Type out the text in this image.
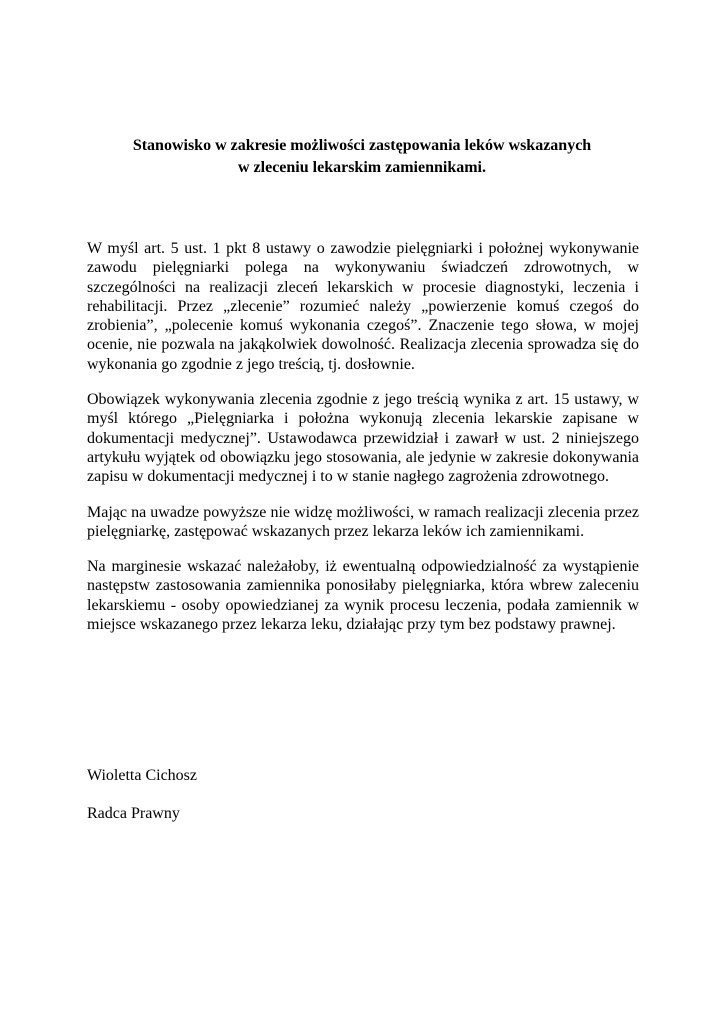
Stanowisko w zakresie możliwości zastępowania leków wskazanych
w zleceniu lekarskim zamiennikami.

W myśl art. 5 ust. 1 pkt 8 ustawy o zawodzie pielęgniarki i położnej wykonywanie zawodu pielęgniarki polega na wykonywaniu świadczeń zdrowotnych, w szczególności na realizacji zleceń lekarskich w procesie diagnostyki, leczenia i rehabilitacji. Przez „zlecenie” rozumieć należy „powierzenie komuś czegoś do zrobienia”, „polecenie komuś wykonania czegoś”. Znaczenie tego słowa, w mojej ocenie, nie pozwala na jakąkolwiek dowolność. Realizacja zlecenia sprowadza się do wykonania go zgodnie z jego treścią, tj. dosłownie.

Obowiązek wykonywania zlecenia zgodnie z jego treścią wynika z art. 15 ustawy, w myśl którego „Pielęgniarka i położna wykonują zlecenia lekarskie zapisane w dokumentacji medycznej”. Ustawodawca przewidział i zawarł w ust. 2 niniejszego artykułu wyjątek od obowiązku jego stosowania, ale jedynie w zakresie dokonywania zapisu w dokumentacji medycznej i to w stanie nagłego zagrożenia zdrowotnego.

Mając na uwadze powyższe nie widzę możliwości, w ramach realizacji zlecenia przez pielęgniarkę, zastępować wskazanych przez lekarza leków ich zamiennikami.

Na marginesie wskazać należałoby, iż ewentualną odpowiedzialność za wystąpienie następstw zastosowania zamiennika ponosiłaby pielęgniarka, która wbrew zaleceniu lekarskiemu - osoby opowiedzianej za wynik procesu leczenia, podała zamiennik w miejsce wskazanego przez lekarza leku, działając przy tym bez podstawy prawnej.

Wioletta Cichosz

Radca Prawny
